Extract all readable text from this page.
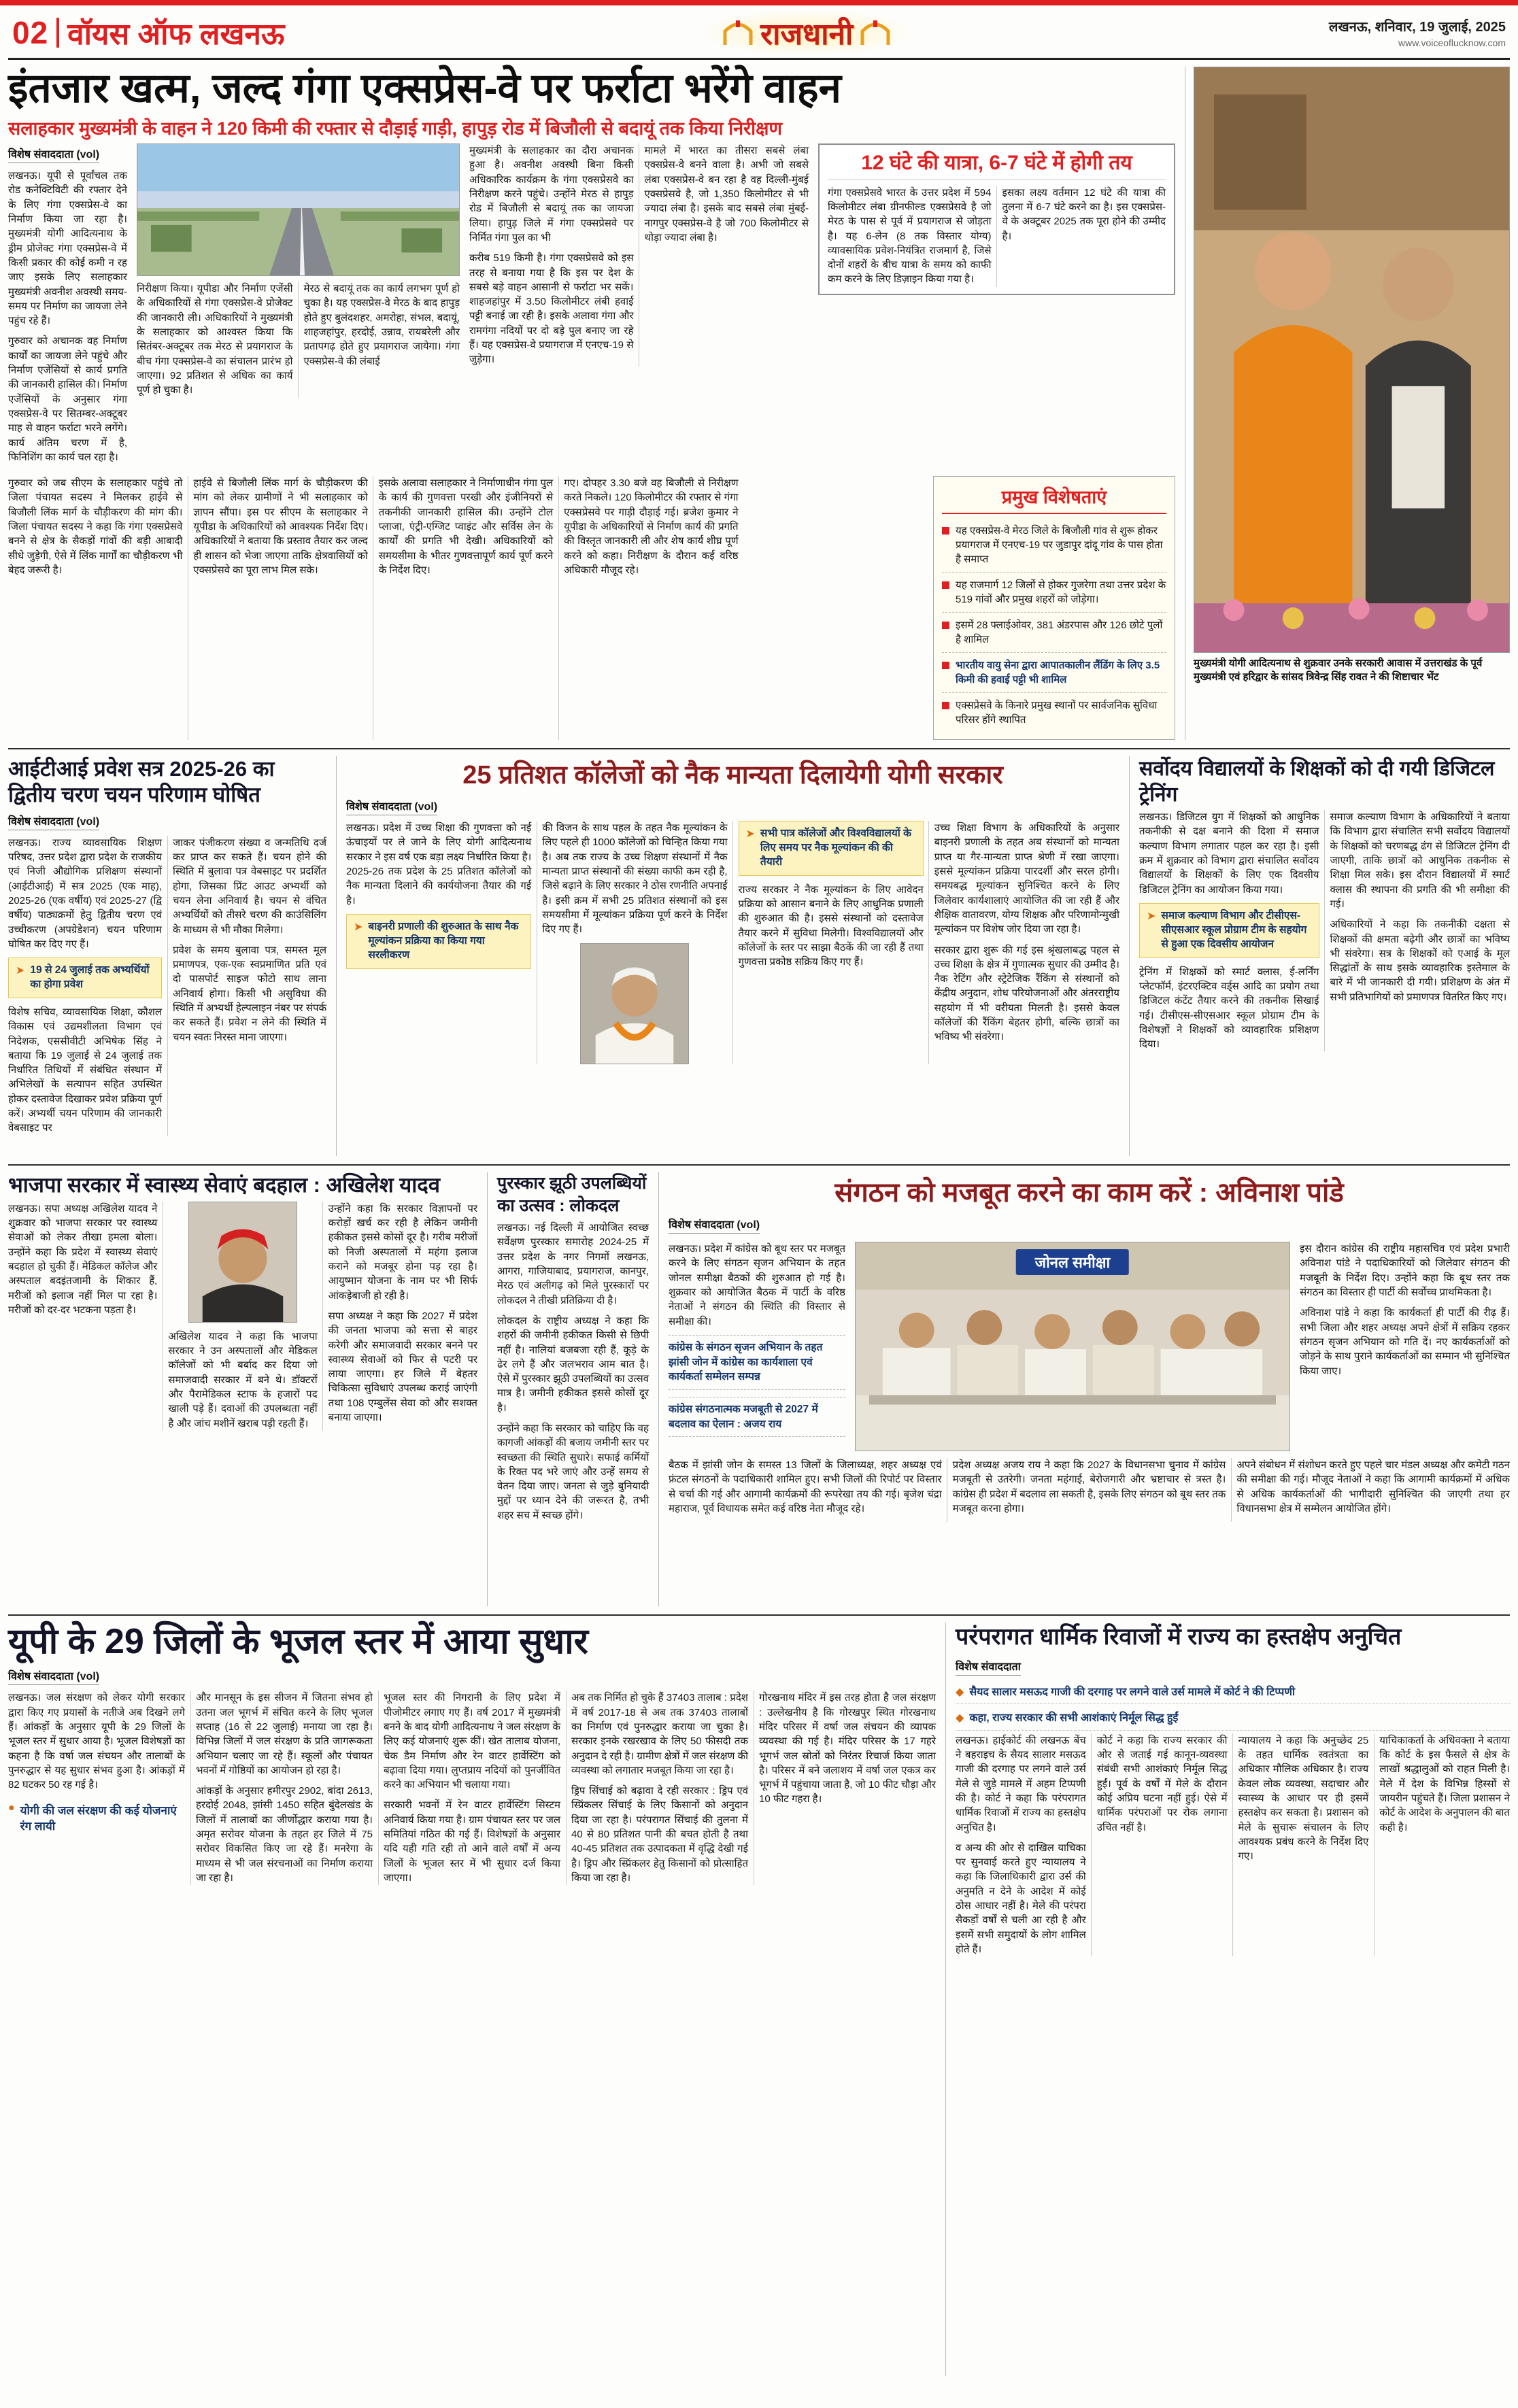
02 वॉयस ऑफ लखनऊ	राजधानी	लखनऊ, शनिवार, 19 जुलाई, 2025
www.voiceoflucknow.com
इंतजार खत्म, जल्द गंगा एक्सप्रेस-वे पर फर्राटा भरेंगे वाहन
सलाहकार मुख्यमंत्री के वाहन ने 120 किमी की रफ्तार से दौड़ाई गाड़ी, हापुड़ रोड में बिजौली से बदायूं तक किया निरीक्षण
विशेष संवाददाता (vol)

लखनऊ। यूपी से पूर्वांचल तक रोड कनेक्टिविटी की रफ्तार देने के लिए गंगा एक्सप्रेस-वे का निर्माण किया जा रहा है। मुख्यमंत्री योगी आदित्यनाथ के ड्रीम प्रोजेक्ट गंगा एक्सप्रेस-वे में किसी प्रकार की कोई कमी न रह जाए इसके लिए सलाहकार मुख्यमंत्री अवनीश अवस्थी समय-समय पर निर्माण का जायजा लेने पहुंच रहे हैं।

गुरुवार को अचानक वह निर्माण कार्यों का जायजा लेने पहुंचे और निर्माण एजेंसियों से कार्य प्रगति की जानकारी हासिल की। निर्माण एजेंसियों के अनुसार गंगा एक्सप्रेस-वे पर सितम्बर-अक्टूबर माह से वाहन फर्राटा भरने लगेंगे। कार्य अंतिम चरण में है, फिनिशिंग का कार्य चल रहा है।

निरीक्षण किया। यूपीडा और निर्माण एजेंसी के अधिकारियों से गंगा एक्सप्रेस-वे प्रोजेक्ट की जानकारी ली। अधिकारियों ने मुख्यमंत्री के सलाहकार को आश्वस्त किया कि सितंबर-अक्टूबर तक मेरठ से प्रयागराज के बीच गंगा एक्सप्रेस-वे का संचालन प्रारंभ हो जाएगा। 92 प्रतिशत से अधिक का कार्य पूर्ण हो चुका है।

मेरठ से बदायूं तक का कार्य लगभग पूर्ण हो चुका है। यह एक्सप्रेस-वे मेरठ के बाद हापुड़ होते हुए बुलंदशहर, अमरोहा, संभल, बदायूं, शाहजहांपुर, हरदोई, उन्नाव, रायबरेली और प्रतापगढ़ होते हुए प्रयागराज जायेगा। गंगा एक्सप्रेस-वे की लंबाई

मुख्यमंत्री के सलाहकार का दौरा अचानक हुआ है। अवनीश अवस्थी बिना किसी अधिकारिक कार्यक्रम के गंगा एक्सप्रेसवे का निरीक्षण करने पहुंचे। उन्होंने मेरठ से हापुड़ रोड में बिजौली से बदायूं तक का जायजा लिया। हापुड़ जिले में गंगा एक्सप्रेसवे पर निर्मित गंगा पुल का भी

करीब 519 किमी है। गंगा एक्सप्रेसवे को इस तरह से बनाया गया है कि इस पर देश के सबसे बड़े वाहन आसानी से फर्राटा भर सकें। शाहजहांपुर में 3.50 किलोमीटर लंबी हवाई पट्टी बनाई जा रही है। इसके अलावा गंगा और रामगंगा नदियों पर दो बड़े पुल बनाए जा रहे हैं। यह एक्सप्रेस-वे प्रयागराज में एनएच-19 से जुड़ेगा।

मामले में भारत का तीसरा सबसे लंबा एक्सप्रेस-वे बनने वाला है। अभी जो सबसे लंबा एक्सप्रेस-वे बन रहा है वह दिल्ली-मुंबई एक्सप्रेसवे है, जो 1,350 किलोमीटर से भी ज्यादा लंबा है। इसके बाद सबसे लंबा मुंबई-नागपुर एक्सप्रेस-वे है जो 700 किलोमीटर से थोड़ा ज्यादा लंबा है।

12 घंटे की यात्रा, 6-7 घंटे में होगी तय

गंगा एक्सप्रेसवे भारत के उत्तर प्रदेश में 594 किलोमीटर लंबा ग्रीनफील्ड एक्सप्रेसवे है जो मेरठ के पास से पूर्व में प्रयागराज से जोड़ता है। यह 6-लेन (8 तक विस्तार योग्य) व्यावसायिक प्रवेश-नियंत्रित राजमार्ग है, जिसे दोनों शहरों के बीच यात्रा के समय को काफी कम करने के लिए डिज़ाइन किया गया है।

इसका लक्ष्य वर्तमान 12 घंटे की यात्रा की तुलना में 6-7 घंटे करने का है। इस एक्सप्रेस-वे के अक्टूबर 2025 तक पूरा होने की उम्मीद है।

गुरुवार को जब सीएम के सलाहकार पहुंचे तो जिला पंचायत सदस्य ने मिलकर हाईवे से बिजौली लिंक मार्ग के चौड़ीकरण की मांग की। जिला पंचायत सदस्य ने कहा कि गंगा एक्सप्रेसवे बनने से क्षेत्र के सैकड़ों गांवों की बड़ी आबादी सीधे जुड़ेगी, ऐसे में लिंक मार्गों का चौड़ीकरण भी बेहद जरूरी है।

हाईवे से बिजौली लिंक मार्ग के चौड़ीकरण की मांग को लेकर ग्रामीणों ने भी सलाहकार को ज्ञापन सौंपा। इस पर सीएम के सलाहकार ने यूपीडा के अधिकारियों को आवश्यक निर्देश दिए। अधिकारियों ने बताया कि प्रस्ताव तैयार कर जल्द ही शासन को भेजा जाएगा ताकि क्षेत्रवासियों को एक्सप्रेसवे का पूरा लाभ मिल सके।

इसके अलावा सलाहकार ने निर्माणाधीन गंगा पुल के कार्य की गुणवत्ता परखी और इंजीनियरों से तकनीकी जानकारी हासिल की। उन्होंने टोल प्लाजा, एंट्री-एग्जिट प्वाइंट और सर्विस लेन के कार्यों की प्रगति भी देखी। अधिकारियों को समयसीमा के भीतर गुणवत्तापूर्ण कार्य पूर्ण करने के निर्देश दिए।

गए। दोपहर 3.30 बजे वह बिजौली से निरीक्षण करते निकले। 120 किलोमीटर की रफ्तार से गंगा एक्सप्रेसवे पर गाड़ी दौड़ाई गई। ब्रजेश कुमार ने यूपीडा के अधिकारियों से निर्माण कार्य की प्रगति की विस्तृत जानकारी ली और शेष कार्य शीघ्र पूर्ण करने को कहा। निरीक्षण के दौरान कई वरिष्ठ अधिकारी मौजूद रहे।

प्रमुख विशेषताएं
यह एक्सप्रेस-वे मेरठ जिले के बिजौली गांव से शुरू होकर प्रयागराज में एनएच-19 पर जुडापुर दांदू गांव के पास होता है समाप्त
यह राजमार्ग 12 जिलों से होकर गुजरेगा तथा उत्तर प्रदेश के 519 गांवों और प्रमुख शहरों को जोड़ेगा।
इसमें 28 फ्लाईओवर, 381 अंडरपास और 126 छोटे पुलों है शामिल
भारतीय वायु सेना द्वारा आपातकालीन लैंडिंग के लिए 3.5 किमी की हवाई पट्टी भी शामिल
एक्सप्रेसवे के किनारे प्रमुख स्थानों पर सार्वजनिक सुविधा परिसर होंगे स्थापित
मुख्यमंत्री योगी आदित्यनाथ से शुक्रवार उनके सरकारी आवास में उत्तराखंड के पूर्व मुख्यमंत्री एवं हरिद्वार के सांसद त्रिवेन्द्र सिंह रावत ने की शिष्टाचार भेंट
आईटीआई प्रवेश सत्र 2025-26 का द्वितीय चरण चयन परिणाम घोषित
विशेष संवाददाता (vol)

लखनऊ। राज्य व्यावसायिक शिक्षण परिषद, उत्तर प्रदेश द्वारा प्रदेश के राजकीय एवं निजी औद्योगिक प्रशिक्षण संस्थानों (आईटीआई) में सत्र 2025 (एक माह), 2025-26 (एक वर्षीय) एवं 2025-27 (द्वि वर्षीय) पाठ्यक्रमों हेतु द्वितीय चरण एवं उच्चीकरण (अपग्रेडेशन) चयन परिणाम घोषित कर दिए गए हैं।

➤ 19 से 24 जुलाई तक अभ्यर्थियों का होगा प्रवेश

विशेष सचिव, व्यावसायिक शिक्षा, कौशल विकास एवं उद्यमशीलता विभाग एवं निदेशक, एससीवीटी अभिषेक सिंह ने बताया कि 19 जुलाई से 24 जुलाई तक निर्धारित तिथियों में संबंधित संस्थान में अभिलेखों के सत्यापन सहित उपस्थित होकर दस्तावेज दिखाकर प्रवेश प्रक्रिया पूर्ण करें। अभ्यर्थी चयन परिणाम की जानकारी वेबसाइट पर

जाकर पंजीकरण संख्या व जन्मतिथि दर्ज कर प्राप्त कर सकते हैं। चयन होने की स्थिति में बुलावा पत्र वेबसाइट पर प्रदर्शित होगा, जिसका प्रिंट आउट अभ्यर्थी को चयन लेना अनिवार्य है। चयन से वंचित अभ्यर्थियों को तीसरे चरण की काउंसिलिंग के माध्यम से भी मौका मिलेगा।

प्रवेश के समय बुलावा पत्र, समस्त मूल प्रमाणपत्र, एक-एक स्वप्रमाणित प्रति एवं दो पासपोर्ट साइज फोटो साथ लाना अनिवार्य होगा। किसी भी असुविधा की स्थिति में अभ्यर्थी हेल्पलाइन नंबर पर संपर्क कर सकते हैं। प्रवेश न लेने की स्थिति में चयन स्वतः निरस्त माना जाएगा।

25 प्रतिशत कॉलेजों को नैक मान्यता दिलायेगी योगी सरकार
विशेष संवाददाता (vol)

लखनऊ। प्रदेश में उच्च शिक्षा की गुणवत्ता को नई ऊंचाइयों पर ले जाने के लिए योगी आदित्यनाथ सरकार ने इस वर्ष एक बड़ा लक्ष्य निर्धारित किया है। 2025-26 तक प्रदेश के 25 प्रतिशत कॉलेजों को नैक मान्यता दिलाने की कार्ययोजना तैयार की गई है।

➤ बाइनरी प्रणाली की शुरुआत के साथ नैक मूल्यांकन प्रक्रिया का किया गया सरलीकरण

की विजन के साथ पहल के तहत नैक मूल्यांकन के लिए पहले ही 1000 कॉलेजों को चिन्हित किया गया है। अब तक राज्य के उच्च शिक्षण संस्थानों में नैक मान्यता प्राप्त संस्थानों की संख्या काफी कम रही है, जिसे बढ़ाने के लिए सरकार ने ठोस रणनीति अपनाई है। इसी क्रम में सभी 25 प्रतिशत संस्थानों को इस समयसीमा में मूल्यांकन प्रक्रिया पूर्ण करने के निर्देश दिए गए हैं।

➤ सभी पात्र कॉलेजों और विश्वविद्यालयों के लिए समय पर नैक मूल्यांकन की की तैयारी

राज्य सरकार ने नैक मूल्यांकन के लिए आवेदन प्रक्रिया को आसान बनाने के लिए आधुनिक प्रणाली की शुरुआत की है। इससे संस्थानों को दस्तावेज तैयार करने में सुविधा मिलेगी। विश्वविद्यालयों और कॉलेजों के स्तर पर साझा बैठकें की जा रही हैं तथा गुणवत्ता प्रकोष्ठ सक्रिय किए गए हैं।

उच्च शिक्षा विभाग के अधिकारियों के अनुसार बाइनरी प्रणाली के तहत अब संस्थानों को मान्यता प्राप्त या गैर-मान्यता प्राप्त श्रेणी में रखा जाएगा। इससे मूल्यांकन प्रक्रिया पारदर्शी और सरल होगी। समयबद्ध मूल्यांकन सुनिश्चित करने के लिए जिलेवार कार्यशालाएं आयोजित की जा रही हैं और शैक्षिक वातावरण, योग्य शिक्षक और परिणामोन्मुखी मूल्यांकन पर विशेष जोर दिया जा रहा है।

सरकार द्वारा शुरू की गई इस श्रृंखलाबद्ध पहल से उच्च शिक्षा के क्षेत्र में गुणात्मक सुधार की उम्मीद है। नैक रेटिंग और स्ट्रेटेजिक रैंकिंग से संस्थानों को केंद्रीय अनुदान, शोध परियोजनाओं और अंतरराष्ट्रीय सहयोग में भी वरीयता मिलती है। इससे केवल कॉलेजों की रैंकिंग बेहतर होगी, बल्कि छात्रों का भविष्य भी संवरेगा।

सर्वोदय विद्यालयों के शिक्षकों को दी गयी डिजिटल ट्रेनिंग

लखनऊ। डिजिटल युग में शिक्षकों को आधुनिक तकनीकी से दक्ष बनाने की दिशा में समाज कल्याण विभाग लगातार पहल कर रहा है। इसी क्रम में शुक्रवार को विभाग द्वारा संचालित सर्वोदय विद्यालयों के शिक्षकों के लिए एक दिवसीय डिजिटल ट्रेनिंग का आयोजन किया गया।

➤ समाज कल्याण विभाग और टीसीएस-सीएसआर स्कूल प्रोग्राम टीम के सहयोग से हुआ एक दिवसीय आयोजन

ट्रेनिंग में शिक्षकों को स्मार्ट क्लास, ई-लर्निंग प्लेटफॉर्म, इंटरएक्टिव वर्ड्स आदि का प्रयोग तथा डिजिटल कंटेंट तैयार करने की तकनीक सिखाई गई। टीसीएस-सीएसआर स्कूल प्रोग्राम टीम के विशेषज्ञों ने शिक्षकों को व्यावहारिक प्रशिक्षण दिया।

समाज कल्याण विभाग के अधिकारियों ने बताया कि विभाग द्वारा संचालित सभी सर्वोदय विद्यालयों के शिक्षकों को चरणबद्ध ढंग से डिजिटल ट्रेनिंग दी जाएगी, ताकि छात्रों को आधुनिक तकनीक से शिक्षा मिल सके। इस दौरान विद्यालयों में स्मार्ट क्लास की स्थापना की प्रगति की भी समीक्षा की गई।

अधिकारियों ने कहा कि तकनीकी दक्षता से शिक्षकों की क्षमता बढ़ेगी और छात्रों का भविष्य भी संवरेगा। सत्र के शिक्षकों को एआई के मूल सिद्धांतों के साथ इसके व्यावहारिक इस्तेमाल के बारे में भी जानकारी दी गयी। प्रशिक्षण के अंत में सभी प्रतिभागियों को प्रमाणपत्र वितरित किए गए।

भाजपा सरकार में स्वास्थ्य सेवाएं बदहाल : अखिलेश यादव

लखनऊ। सपा अध्यक्ष अखिलेश यादव ने शुक्रवार को भाजपा सरकार पर स्वास्थ्य सेवाओं को लेकर तीखा हमला बोला। उन्होंने कहा कि प्रदेश में स्वास्थ्य सेवाएं बदहाल हो चुकी हैं। मेडिकल कॉलेज और अस्पताल बदइंतजामी के शिकार हैं, मरीजों को इलाज नहीं मिल पा रहा है। मरीजों को दर-दर भटकना पड़ता है।

अखिलेश यादव ने कहा कि भाजपा सरकार ने उन अस्पतालों और मेडिकल कॉलेजों को भी बर्बाद कर दिया जो समाजवादी सरकार में बने थे। डॉक्टरों और पैरामेडिकल स्टाफ के हजारों पद खाली पड़े हैं। दवाओं की उपलब्धता नहीं है और जांच मशीनें खराब पड़ी रहती हैं।

उन्होंने कहा कि सरकार विज्ञापनों पर करोड़ों खर्च कर रही है लेकिन जमीनी हकीकत इससे कोसों दूर है। गरीब मरीजों को निजी अस्पतालों में महंगा इलाज कराने को मजबूर होना पड़ रहा है। आयुष्मान योजना के नाम पर भी सिर्फ आंकड़ेबाजी हो रही है।

सपा अध्यक्ष ने कहा कि 2027 में प्रदेश की जनता भाजपा को सत्ता से बाहर करेगी और समाजवादी सरकार बनने पर स्वास्थ्य सेवाओं को फिर से पटरी पर लाया जाएगा। हर जिले में बेहतर चिकित्सा सुविधाएं उपलब्ध कराई जाएंगी तथा 108 एम्बुलेंस सेवा को और सशक्त बनाया जाएगा।

पुरस्कार झूठी उपलब्धियों का उत्सव : लोकदल

लखनऊ। नई दिल्ली में आयोजित स्वच्छ सर्वेक्षण पुरस्कार समारोह 2024-25 में उत्तर प्रदेश के नगर निगमों लखनऊ, आगरा, गाजियाबाद, प्रयागराज, कानपुर, मेरठ एवं अलीगढ़ को मिले पुरस्कारों पर लोकदल ने तीखी प्रतिक्रिया दी है।

लोकदल के राष्ट्रीय अध्यक्ष ने कहा कि शहरों की जमीनी हकीकत किसी से छिपी नहीं है। नालियां बजबजा रही हैं, कूड़े के ढेर लगे हैं और जलभराव आम बात है। ऐसे में पुरस्कार झूठी उपलब्धियों का उत्सव मात्र है। जमीनी हकीकत इससे कोसों दूर है।

उन्होंने कहा कि सरकार को चाहिए कि वह कागजी आंकड़ों की बजाय जमीनी स्तर पर स्वच्छता की स्थिति सुधारे। सफाई कर्मियों के रिक्त पद भरे जाएं और उन्हें समय से वेतन दिया जाए। जनता से जुड़े बुनियादी मुद्दों पर ध्यान देने की जरूरत है, तभी शहर सच में स्वच्छ होंगे।

संगठन को मजबूत करने का काम करें : अविनाश पांडे
विशेष संवाददाता (vol)

लखनऊ। प्रदेश में कांग्रेस को बूथ स्तर पर मजबूत करने के लिए संगठन सृजन अभियान के तहत जोनल समीक्षा बैठकों की शुरुआत हो गई है। शुक्रवार को आयोजित बैठक में पार्टी के वरिष्ठ नेताओं ने संगठन की स्थिति की विस्तार से समीक्षा की।

कांग्रेस के संगठन सृजन अभियान के तहत झांसी जोन में कांग्रेस का कार्यशाला एवं कार्यकर्ता सम्मेलन सम्पन्न
कांग्रेस संगठनात्मक मजबूती से 2027 में बदलाव का ऐलान : अजय राय
जोनल समीक्षा

इस दौरान कांग्रेस की राष्ट्रीय महासचिव एवं प्रदेश प्रभारी अविनाश पांडे ने पदाधिकारियों को जिलेवार संगठन की मजबूती के निर्देश दिए। उन्होंने कहा कि बूथ स्तर तक संगठन का विस्तार ही पार्टी की सर्वोच्च प्राथमिकता है।

अविनाश पांडे ने कहा कि कार्यकर्ता ही पार्टी की रीढ़ हैं। सभी जिला और शहर अध्यक्ष अपने क्षेत्रों में सक्रिय रहकर संगठन सृजन अभियान को गति दें। नए कार्यकर्ताओं को जोड़ने के साथ पुराने कार्यकर्ताओं का सम्मान भी सुनिश्चित किया जाए।

बैठक में झांसी जोन के समस्त 13 जिलों के जिलाध्यक्ष, शहर अध्यक्ष एवं फ्रंटल संगठनों के पदाधिकारी शामिल हुए। सभी जिलों की रिपोर्ट पर विस्तार से चर्चा की गई और आगामी कार्यक्रमों की रूपरेखा तय की गई। बृजेश चंद्रा महाराज, पूर्व विधायक समेत कई वरिष्ठ नेता मौजूद रहे।

प्रदेश अध्यक्ष अजय राय ने कहा कि 2027 के विधानसभा चुनाव में कांग्रेस मजबूती से उतरेगी। जनता महंगाई, बेरोजगारी और भ्रष्टाचार से त्रस्त है। कांग्रेस ही प्रदेश में बदलाव ला सकती है, इसके लिए संगठन को बूथ स्तर तक मजबूत करना होगा।

अपने संबोधन में संशोधन करते हुए पहले चार मंडल अध्यक्ष और कमेटी गठन की समीक्षा की गई। मौजूद नेताओं ने कहा कि आगामी कार्यक्रमों में अधिक से अधिक कार्यकर्ताओं की भागीदारी सुनिश्चित की जाएगी तथा हर विधानसभा क्षेत्र में सम्मेलन आयोजित होंगे।

यूपी के 29 जिलों के भूजल स्तर में आया सुधार
विशेष संवाददाता (vol)

लखनऊ। जल संरक्षण को लेकर योगी सरकार द्वारा किए गए प्रयासों के नतीजे अब दिखने लगे हैं। आंकड़ों के अनुसार यूपी के 29 जिलों के भूजल स्तर में सुधार आया है। भूजल विशेषज्ञों का कहना है कि वर्षा जल संचयन और तालाबों के पुनरुद्धार से यह सुधार संभव हुआ है। आंकड़ों में 82 घटकर 50 रह गई है।

● योगी की जल संरक्षण की कई योजनाएं रंग लायी

और मानसून के इस सीजन में जितना संभव हो उतना जल भूगर्भ में संचित करने के लिए भूजल सप्ताह (16 से 22 जुलाई) मनाया जा रहा है। विभिन्न जिलों में जल संरक्षण के प्रति जागरूकता अभियान चलाए जा रहे हैं। स्कूलों और पंचायत भवनों में गोष्ठियों का आयोजन हो रहा है।

आंकड़ों के अनुसार हमीरपुर 2902, बांदा 2613, हरदोई 2048, झांसी 1450 सहित बुंदेलखंड के जिलों में तालाबों का जीर्णोद्धार कराया गया है। अमृत सरोवर योजना के तहत हर जिले में 75 सरोवर विकसित किए जा रहे हैं। मनरेगा के माध्यम से भी जल संरचनाओं का निर्माण कराया जा रहा है।

भूजल स्तर की निगरानी के लिए प्रदेश में पीजोमीटर लगाए गए हैं। वर्ष 2017 में मुख्यमंत्री बनने के बाद योगी आदित्यनाथ ने जल संरक्षण के लिए कई योजनाएं शुरू कीं। खेत तालाब योजना, चेक डैम निर्माण और रेन वाटर हार्वेस्टिंग को बढ़ावा दिया गया। लुप्तप्राय नदियों को पुनर्जीवित करने का अभियान भी चलाया गया।

सरकारी भवनों में रेन वाटर हार्वेस्टिंग सिस्टम अनिवार्य किया गया है। ग्राम पंचायत स्तर पर जल समितियां गठित की गई हैं। विशेषज्ञों के अनुसार यदि यही गति रही तो आने वाले वर्षों में अन्य जिलों के भूजल स्तर में भी सुधार दर्ज किया जाएगा।

अब तक निर्मित हो चुके हैं 37403 तालाब : प्रदेश में वर्ष 2017-18 से अब तक 37403 तालाबों का निर्माण एवं पुनरुद्धार कराया जा चुका है। सरकार इनके रखरखाव के लिए 50 फीसदी तक अनुदान दे रही है। ग्रामीण क्षेत्रों में जल संरक्षण की व्यवस्था को लगातार मजबूत किया जा रहा है।

ड्रिप सिंचाई को बढ़ावा दे रही सरकार : ड्रिप एवं स्प्रिंकलर सिंचाई के लिए किसानों को अनुदान दिया जा रहा है। परंपरागत सिंचाई की तुलना में 40 से 80 प्रतिशत पानी की बचत होती है तथा 40-45 प्रतिशत तक उत्पादकता में वृद्धि देखी गई है। ड्रिप और स्प्रिंकलर हेतु किसानों को प्रोत्साहित किया जा रहा है।

गोरखनाथ मंदिर में इस तरह होता है जल संरक्षण : उल्लेखनीय है कि गोरखपुर स्थित गोरखनाथ मंदिर परिसर में वर्षा जल संचयन की व्यापक व्यवस्था की गई है। मंदिर परिसर के 17 गहरे भूगर्भ जल स्रोतों को निरंतर रिचार्ज किया जाता है। परिसर में बने जलाशय में वर्षा जल एकत्र कर भूगर्भ में पहुंचाया जाता है, जो 10 फीट चौड़ा और 10 फीट गहरा है।

परंपरागत धार्मिक रिवाजों में राज्य का हस्तक्षेप अनुचित
विशेष संवाददाता
◆ सैयद सालार मसऊद गाजी की दरगाह पर लगने वाले उर्स मामले में कोर्ट ने की टिप्पणी
◆ कहा, राज्य सरकार की सभी आशंकाएं निर्मूल सिद्ध हुईं

लखनऊ। हाईकोर्ट की लखनऊ बेंच ने बहराइच के सैयद सालार मसऊद गाजी की दरगाह पर लगने वाले उर्स मेले से जुड़े मामले में अहम टिप्पणी की है। कोर्ट ने कहा कि परंपरागत धार्मिक रिवाजों में राज्य का हस्तक्षेप अनुचित है।

व अन्य की ओर से दाखिल याचिका पर सुनवाई करते हुए न्यायालय ने कहा कि जिलाधिकारी द्वारा उर्स की अनुमति न देने के आदेश में कोई ठोस आधार नहीं है। मेले की परंपरा सैकड़ों वर्षों से चली आ रही है और इसमें सभी समुदायों के लोग शामिल होते हैं।

कोर्ट ने कहा कि राज्य सरकार की ओर से जताई गई कानून-व्यवस्था संबंधी सभी आशंकाएं निर्मूल सिद्ध हुईं। पूर्व के वर्षों में मेले के दौरान कोई अप्रिय घटना नहीं हुई। ऐसे में धार्मिक परंपराओं पर रोक लगाना उचित नहीं है।

न्यायालय ने कहा कि अनुच्छेद 25 के तहत धार्मिक स्वतंत्रता का अधिकार मौलिक अधिकार है। राज्य केवल लोक व्यवस्था, सदाचार और स्वास्थ्य के आधार पर ही इसमें हस्तक्षेप कर सकता है। प्रशासन को मेले के सुचारू संचालन के लिए आवश्यक प्रबंध करने के निर्देश दिए गए।

याचिकाकर्ता के अधिवक्ता ने बताया कि कोर्ट के इस फैसले से क्षेत्र के लाखों श्रद्धालुओं को राहत मिली है। मेले में देश के विभिन्न हिस्सों से जायरीन पहुंचते हैं। जिला प्रशासन ने कोर्ट के आदेश के अनुपालन की बात कही है।
